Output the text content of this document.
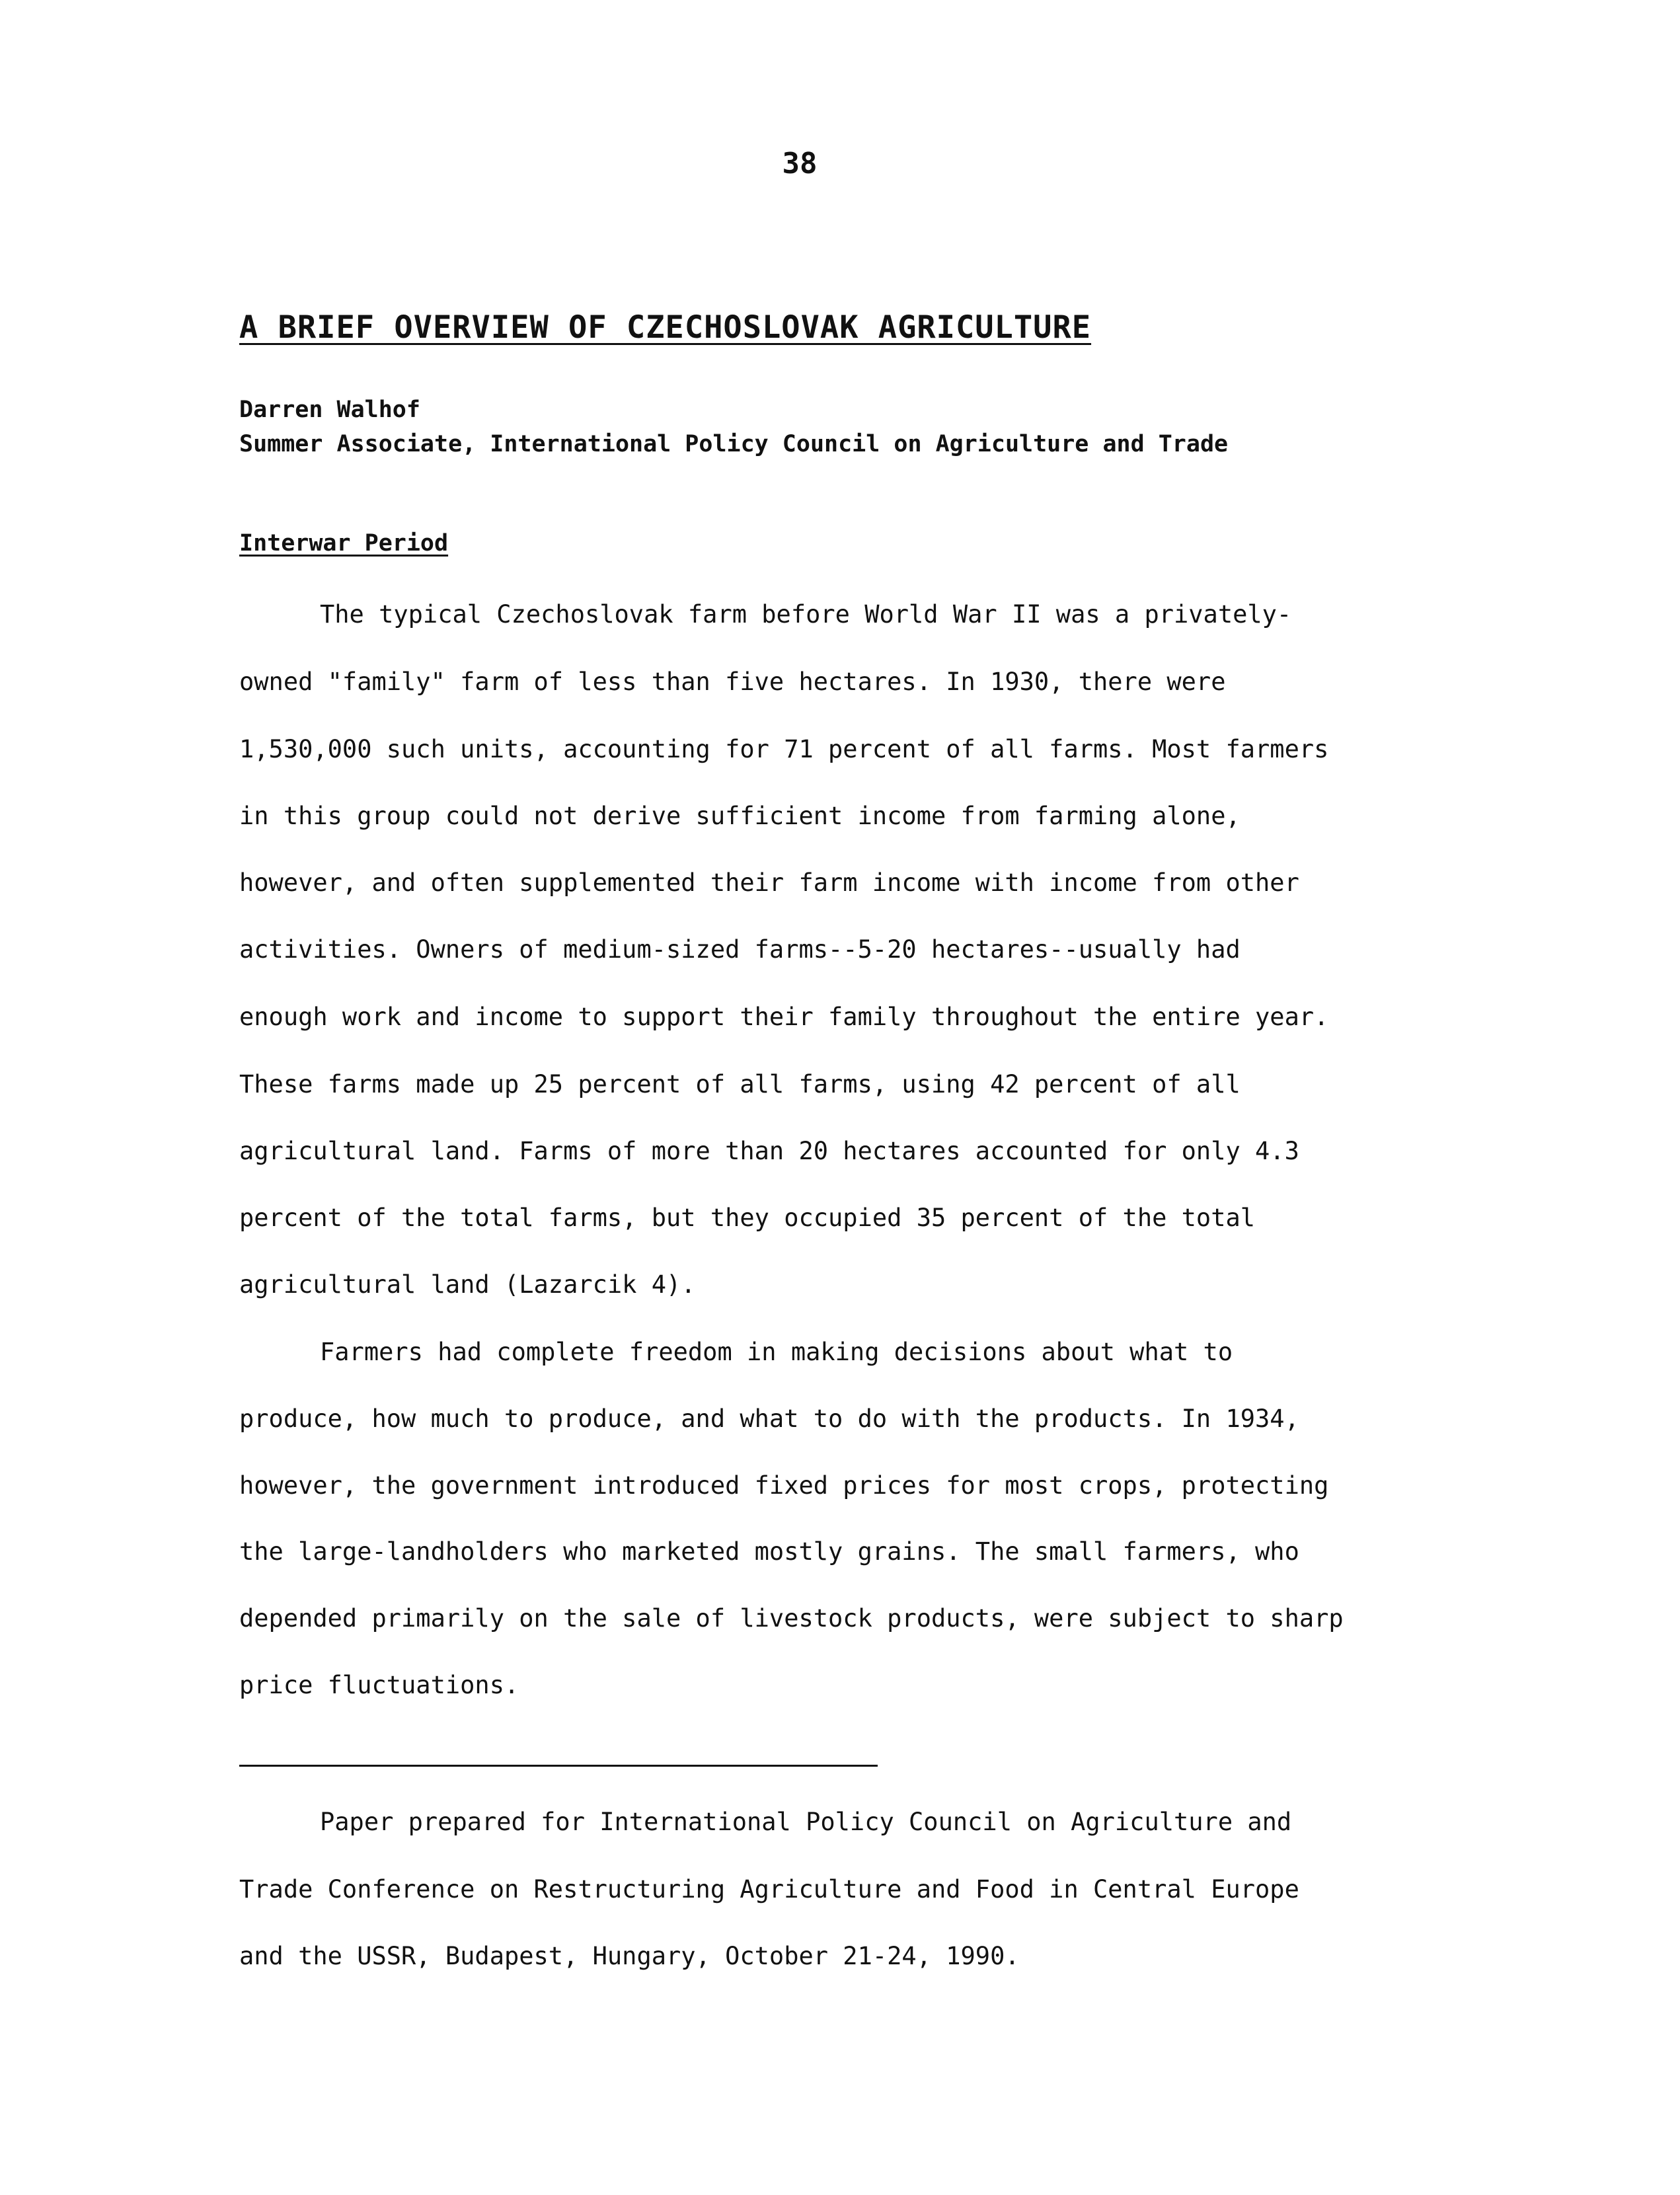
38
A BRIEF OVERVIEW OF CZECHOSLOVAK AGRICULTURE
Darren Walhof
Summer Associate, International Policy Council on Agriculture and Trade
Interwar Period
The typical Czechoslovak farm before World War II was a privately-
owned "family" farm of less than five hectares. In 1930, there were
1,530,000 such units, accounting for 71 percent of all farms. Most farmers
in this group could not derive sufficient income from farming alone,
however, and often supplemented their farm income with income from other
activities. Owners of medium-sized farms--5-20 hectares--usually had
enough work and income to support their family throughout the entire year.
These farms made up 25 percent of all farms, using 42 percent of all
agricultural land. Farms of more than 20 hectares accounted for only 4.3
percent of the total farms, but they occupied 35 percent of the total
agricultural land (Lazarcik 4).
Farmers had complete freedom in making decisions about what to
produce, how much to produce, and what to do with the products. In 1934,
however, the government introduced fixed prices for most crops, protecting
the large-landholders who marketed mostly grains. The small farmers, who
depended primarily on the sale of livestock products, were subject to sharp
price fluctuations.
Paper prepared for International Policy Council on Agriculture and
Trade Conference on Restructuring Agriculture and Food in Central Europe
and the USSR, Budapest, Hungary, October 21-24, 1990.
